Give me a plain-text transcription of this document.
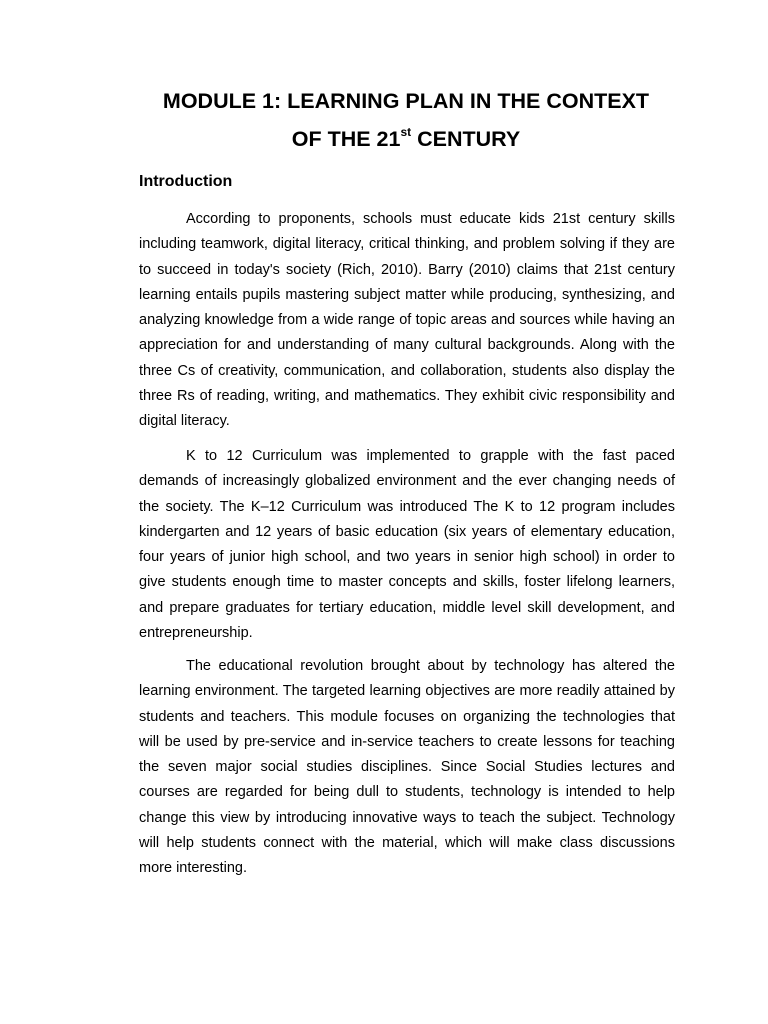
MODULE 1: LEARNING PLAN IN THE CONTEXT
OF THE 21st CENTURY
Introduction

According to proponents, schools must educate kids 21st century skills including teamwork, digital literacy, critical thinking, and problem solving if they are to succeed in today's society (Rich, 2010). Barry (2010) claims that 21st century learning entails pupils mastering subject matter while producing, synthesizing, and analyzing knowledge from a wide range of topic areas and sources while having an appreciation for and understanding of many cultural backgrounds. Along with the three Cs of creativity, communication, and collaboration, students also display the three Rs of reading, writing, and mathematics. They exhibit civic responsibility and digital literacy.

K to 12 Curriculum was implemented to grapple with the fast paced demands of increasingly globalized environment and the ever changing needs of the society. The K–12 Curriculum was introduced The K to 12 program includes kindergarten and 12 years of basic education (six years of elementary education, four years of junior high school, and two years in senior high school) in order to give students enough time to master concepts and skills, foster lifelong learners, and prepare graduates for tertiary education, middle level skill development, and entrepreneurship.

The educational revolution brought about by technology has altered the learning environment. The targeted learning objectives are more readily attained by students and teachers. This module focuses on organizing the technologies that will be used by pre-service and in-service teachers to create lessons for teaching the seven major social studies disciplines. Since Social Studies lectures and courses are regarded for being dull to students, technology is intended to help change this view by introducing innovative ways to teach the subject. Technology will help students connect with the material, which will make class discussions more interesting.
